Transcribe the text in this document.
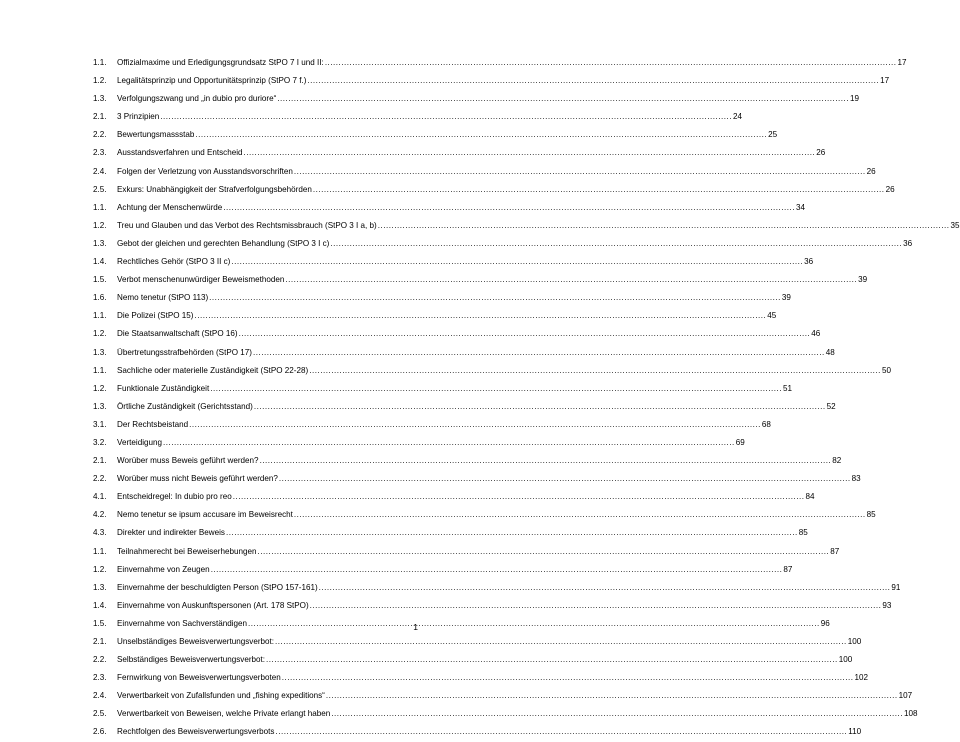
1.1.	Offizialmaxime und Erledigungsgrundsatz StPO 7 I und II: .....	17
1.2.	Legalitätsprinzip und Opportunitätsprinzip (StPO 7 f.) .....	17
1.3.	Verfolgungszwang und „in dubio pro duriore“ .....	19
2.1.	3 Prinzipien .....	24
2.2.	Bewertungsmassstab .....	25
2.3.	Ausstandsverfahren und Entscheid .....	26
2.4.	Folgen der Verletzung von Ausstandsvorschriften .....	26
2.5.	Exkurs: Unabhängigkeit der Strafverfolgungsbehörden .....	26
1.1.	Achtung der Menschenwürde .....	34
1.2.	Treu und Glauben und das Verbot des Rechtsmissbrauch (StPO 3 I a, b) .....	35
1.3.	Gebot der gleichen und gerechten Behandlung (StPO 3 I c) .....	36
1.4.	Rechtliches Gehör (StPO 3 II c) .....	36
1.5.	Verbot menschenunwürdiger Beweismethoden .....	39
1.6.	Nemo tenetur (StPO 113) .....	39
1.1.	Die Polizei (StPO 15) .....	45
1.2.	Die Staatsanwaltschaft (StPO 16) .....	46
1.3.	Übertretungsstrafbehörden (StPO 17) .....	48
1.1.	Sachliche oder materielle Zuständigkeit (StPO 22-28) .....	50
1.2.	Funktionale Zuständigkeit .....	51
1.3.	Örtliche Zuständigkeit (Gerichtsstand) .....	52
3.1.	Der Rechtsbeistand .....	68
3.2.	Verteidigung .....	69
2.1.	Worüber muss Beweis geführt werden? .....	82
2.2.	Worüber muss nicht Beweis geführt werden? .....	83
4.1.	Entscheidregel: In dubio pro reo .....	84
4.2.	Nemo tenetur se ipsum accusare im Beweisrecht .....	85
4.3.	Direkter und indirekter Beweis .....	85
1.1.	Teilnahmerecht bei Beweiserhebungen .....	87
1.2.	Einvernahme von Zeugen .....	87
1.3.	Einvernahme der beschuldigten Person (StPO 157-161) .....	91
1.4.	Einvernahme von Auskunftspersonen (Art. 178 StPO) .....	93
1.5.	Einvernahme von Sachverständigen .....	96
2.1.	Unselbständiges Beweisverwertungsverbot: .....	100
2.2.	Selbständiges Beweisverwertungsverbot: .....	100
2.3.	Fernwirkung von Beweisverwertungsverboten .....	102
2.4.	Verwertbarkeit von Zufallsfunden und „fishing expeditions“ .....	107
2.5.	Verwertbarkeit von Beweisen, welche Private erlangt haben .....	108
2.6.	Rechtfolgen des Beweisverwertungsverbots .....	110
1
